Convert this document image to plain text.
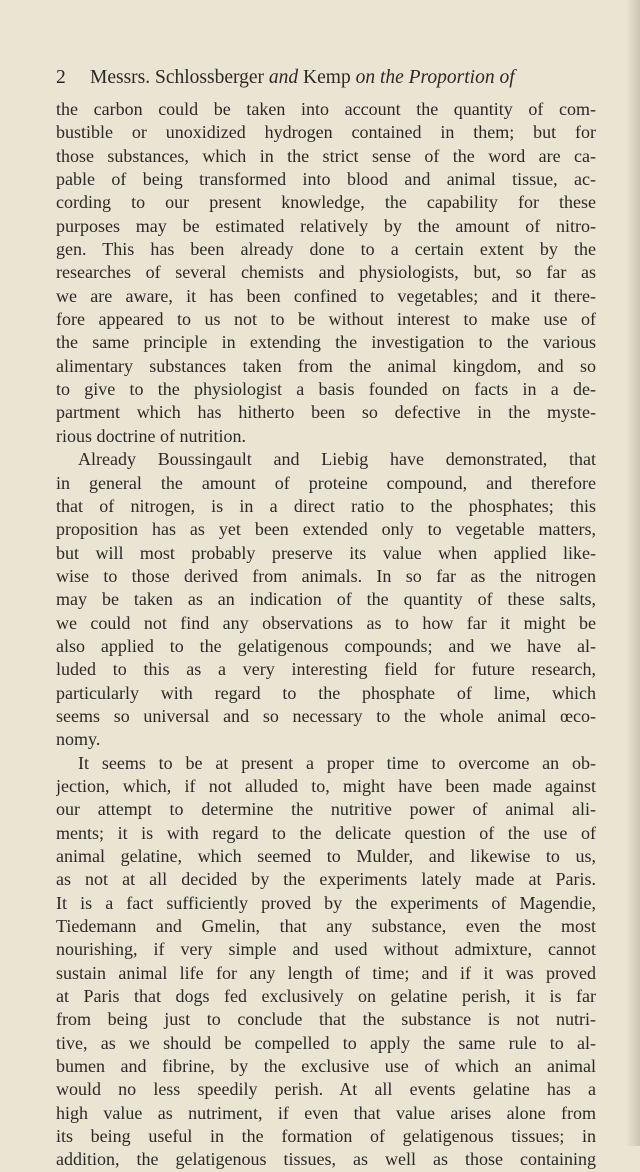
2 Messrs. Schlossberger and Kemp on the Proportion of
the carbon could be taken into account the quantity of com-
bustible or unoxidized hydrogen contained in them; but for
those substances, which in the strict sense of the word are ca-
pable of being transformed into blood and animal tissue, ac-
cording to our present knowledge, the capability for these
purposes may be estimated relatively by the amount of nitro-
gen. This has been already done to a certain extent by the
researches of several chemists and physiologists, but, so far as
we are aware, it has been confined to vegetables; and it there-
fore appeared to us not to be without interest to make use of
the same principle in extending the investigation to the various
alimentary substances taken from the animal kingdom, and so
to give to the physiologist a basis founded on facts in a de-
partment which has hitherto been so defective in the myste-
rious doctrine of nutrition.
Already Boussingault and Liebig have demonstrated, that
in general the amount of proteine compound, and therefore
that of nitrogen, is in a direct ratio to the phosphates; this
proposition has as yet been extended only to vegetable matters,
but will most probably preserve its value when applied like-
wise to those derived from animals. In so far as the nitrogen
may be taken as an indication of the quantity of these salts,
we could not find any observations as to how far it might be
also applied to the gelatigenous compounds; and we have al-
luded to this as a very interesting field for future research,
particularly with regard to the phosphate of lime, which
seems so universal and so necessary to the whole animal œco-
nomy.
It seems to be at present a proper time to overcome an ob-
jection, which, if not alluded to, might have been made against
our attempt to determine the nutritive power of animal ali-
ments; it is with regard to the delicate question of the use of
animal gelatine, which seemed to Mulder, and likewise to us,
as not at all decided by the experiments lately made at Paris.
It is a fact sufficiently proved by the experiments of Magendie,
Tiedemann and Gmelin, that any substance, even the most
nourishing, if very simple and used without admixture, cannot
sustain animal life for any length of time; and if it was proved
at Paris that dogs fed exclusively on gelatine perish, it is far
from being just to conclude that the substance is not nutri-
tive, as we should be compelled to apply the same rule to al-
bumen and fibrine, by the exclusive use of which an animal
would no less speedily perish. At all events gelatine has a
high value as nutriment, if even that value arises alone from
its being useful in the formation of gelatigenous tissues; in
addition, the gelatigenous tissues, as well as those containing
